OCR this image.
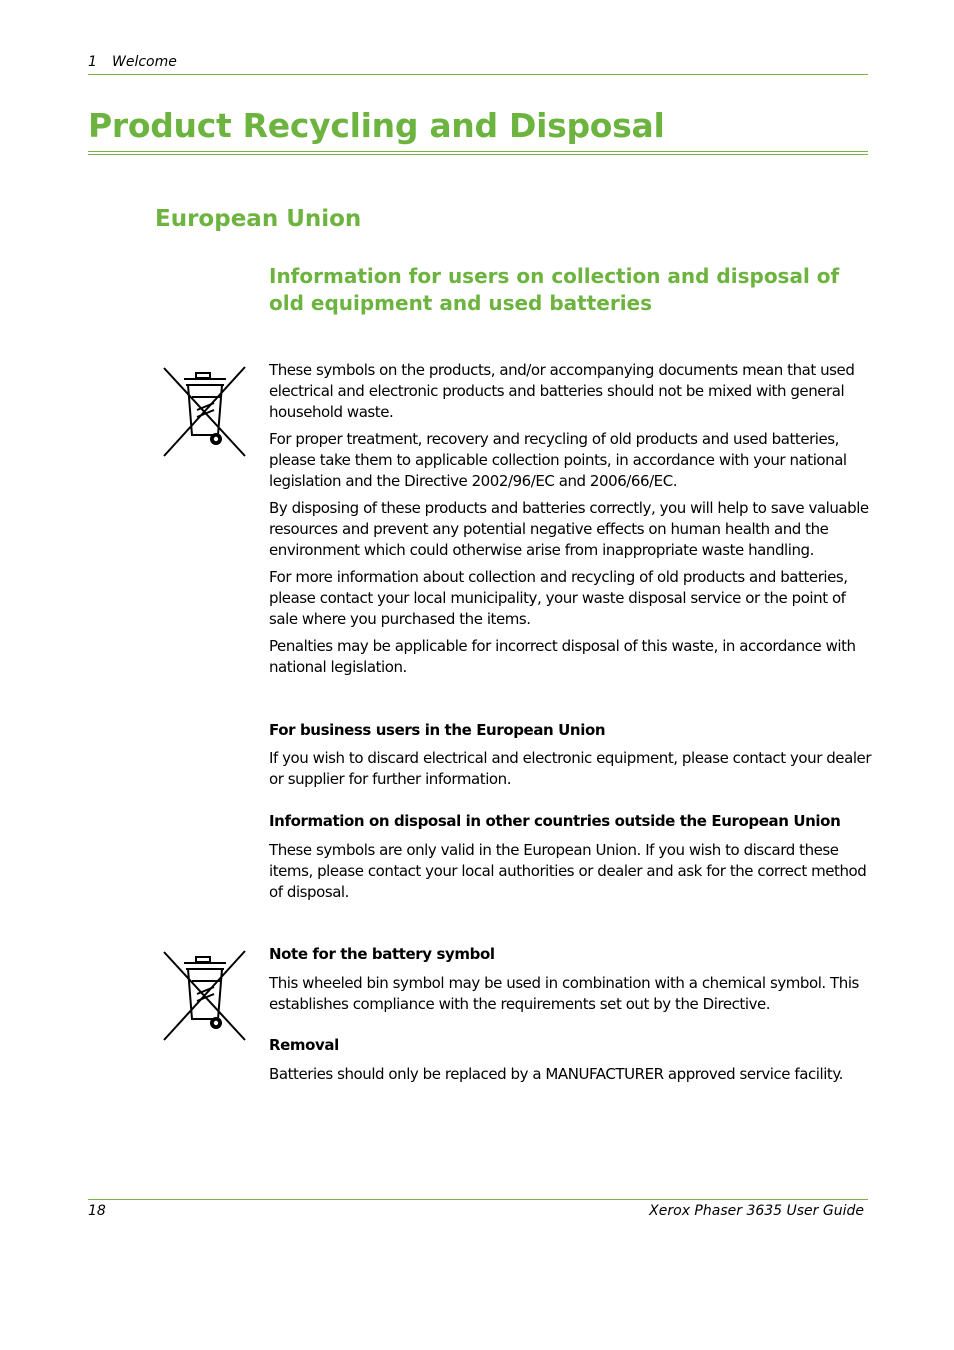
1 Welcome
Product Recycling and Disposal
European Union
Information for users on collection and disposal of old equipment and used batteries

These symbols on the products, and/or accompanying documents mean that used electrical and electronic products and batteries should not be mixed with general household waste.

For proper treatment, recovery and recycling of old products and used batteries, please take them to applicable collection points, in accordance with your national legislation and the Directive 2002/96/EC and 2006/66/EC.

By disposing of these products and batteries correctly, you will help to save valuable resources and prevent any potential negative effects on human health and the environment which could otherwise arise from inappropriate waste handling.

For more information about collection and recycling of old products and batteries, please contact your local municipality, your waste disposal service or the point of sale where you purchased the items.

Penalties may be applicable for incorrect disposal of this waste, in accordance with national legislation.

For business users in the European Union

If you wish to discard electrical and electronic equipment, please contact your dealer or supplier for further information.

Information on disposal in other countries outside the European Union

These symbols are only valid in the European Union. If you wish to discard these items, please contact your local authorities or dealer and ask for the correct method of disposal.

Note for the battery symbol

This wheeled bin symbol may be used in combination with a chemical symbol. This establishes compliance with the requirements set out by the Directive.

Removal

Batteries should only be replaced by a MANUFACTURER approved service facility.

18	Xerox Phaser 3635 User Guide
